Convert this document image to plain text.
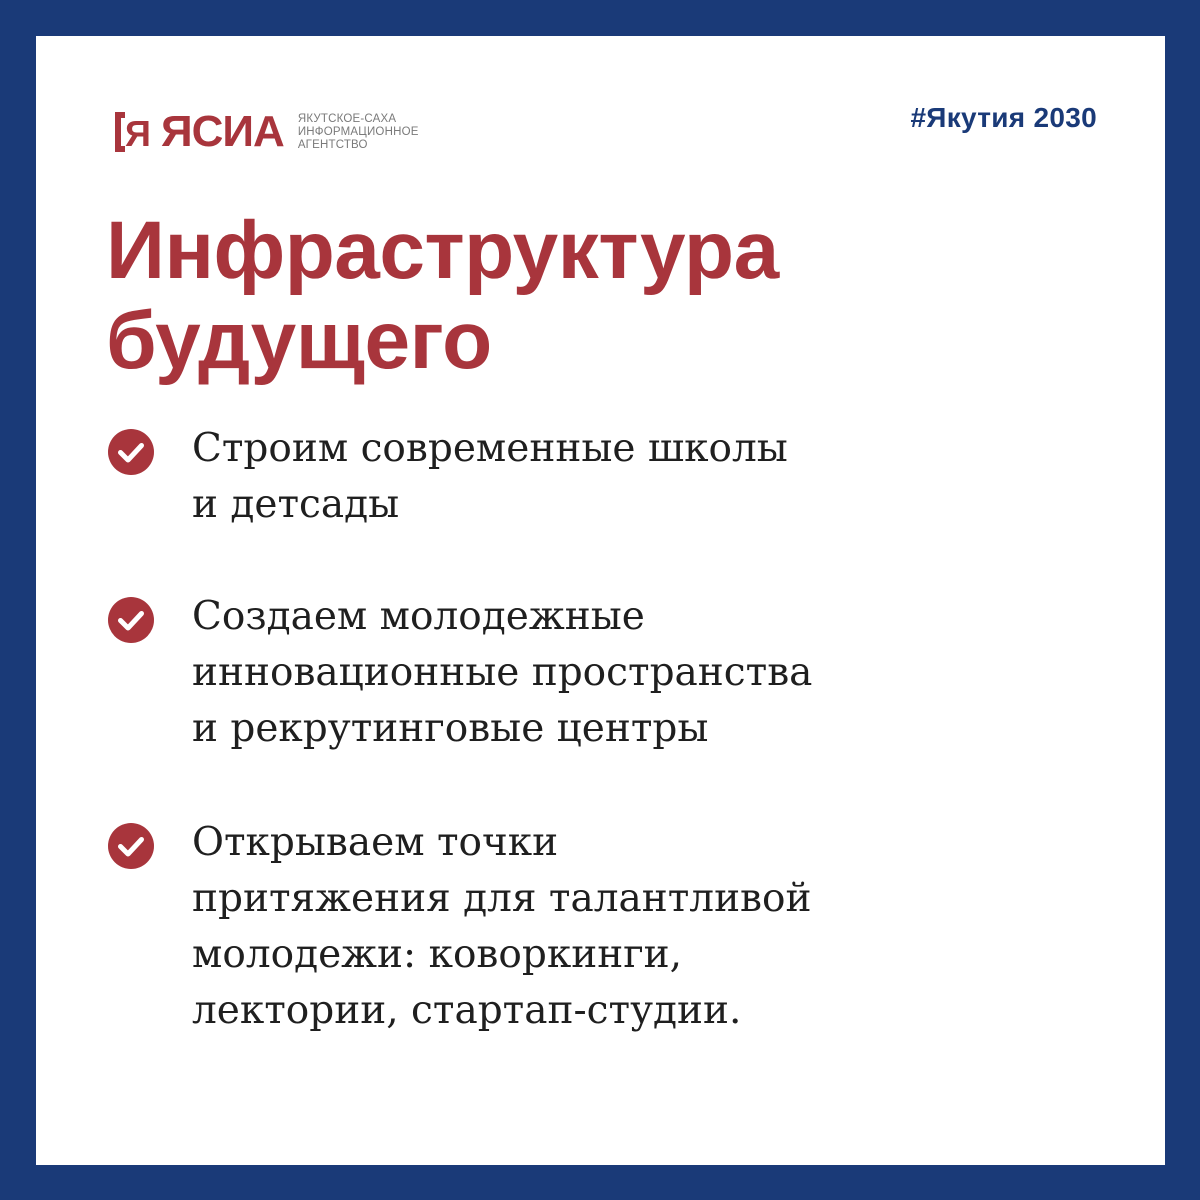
Я ЯСИА ЯКУТСКОЕ-САХА
ИНФОРМАЦИОННОЕ
АГЕНТСТВО
#Якутия 2030
Инфраструктура
будущего
Строим современные школы
и детсады
Создаем молодежные
инновационные пространства
и рекрутинговые центры
Открываем точки
притяжения для талантливой
молодежи: коворкинги,
лектории, стартап-студии.
